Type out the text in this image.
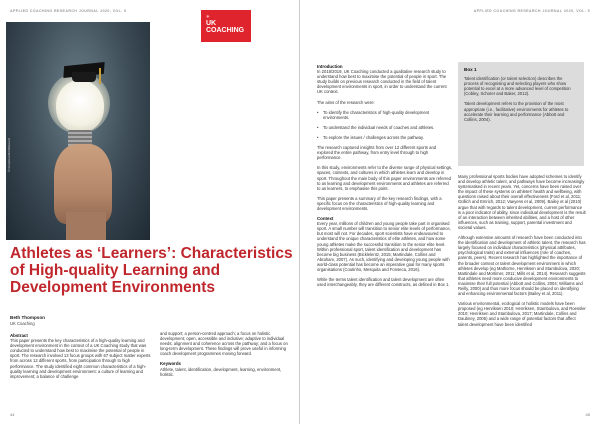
APPLIED COACHING RESEARCH JOURNAL 2020, VOL. 5
© iStockphoto/Mott/Wirestock
✳
UK
COACHING
Athletes as ‘Learners’: Characteristics of High-quality Learning and Development Environments
Beth Thompson
UK Coaching
Abstract

This paper presents the key characteristics of a high-quality learning and development environment in the context of a UK Coaching study that was conducted to understand how best to maximise the potential of people in sport. The research involved 13 focus groups with 67 subject matter experts from across 12 different sports, from participation through to high performance. The study identified eight common characteristics of a high-quality learning and development environment: a culture of learning and improvement; a balance of challenge

and support; a person-centred approach; a focus on holistic development; open, accessible and inclusive; adaptive to individual needs; alignment and coherence across the pathway; and a focus on long-term development. These findings will prove useful in informing coach development programmes moving forward.

Keywords

Athlete, talent, identification, development, learning, environment, holistic.

44
APPLIED COACHING RESEARCH JOURNAL 2020, VOL. 5
Introduction

In 2018/2019, UK Coaching conducted a qualitative research study to understand how best to maximise the potential of people in sport. The study builds on previous research conducted in the field of talent development environments in sport, in order to understand the current UK context.

The aims of the research were:

• To identify the characteristics of high-quality development environments.
• To understand the individual needs of coaches and athletes.
• To explore the issues / challenges across the pathway.

The research captured insights from over 12 different sports and explored the entire pathway, from entry level through to high performance.

In this study, environments refer to the diverse range of physical settings, spaces, contexts, and cultures in which athletes learn and develop in sport. Throughout the main body of this paper environments are referred to as learning and development environments and athletes are referred to as learners, to emphasise this point.

This paper presents a summary of the key research findings, with a specific focus on the characteristics of high-quality learning and development environments.

Context

Every year, millions of children and young people take part in organised sport. A small number will transition to senior elite levels of performance, but most will not. For decades, sport scientists have endeavoured to understand the unique characteristics of elite athletes, and how some young athletes make the successful transition to the senior elite level. Within professional sport, talent identification and development has become big business (Bicklelentz, 2015; Martindale, Collins and Abraham, 2007). As such, identifying and developing young people with world-class potential has become an imperative goal for many sports organisations (Coutinho, Mesquita and Fonseca, 2016).

While the terms talent identification and talent development are often used interchangeably, they are different constructs, as defined in Box 1.

Box 1

Talent identification (or talent selection) describes the process of recognising and selecting players who show potential to excel at a more advanced level of competition (Cobley, Schorer and Baker, 2012).

Talent development refers to the provision of the most appropriate (i.e., facilitative) environments for athletes to accelerate their learning and performance (Abbott and Collins, 2004).

Many professional sports bodies have adopted schemes to identify and develop athletic talent, and pathways have become increasingly systematised in recent years. Yet, concerns have been raised over the impact of these systems on athletes' health and wellbeing, with questions raised about their overall effectiveness (Ford et al, 2011; Güllich and Emrich, 2012; Vaeyens et al, 2009). Bailey et al (2010) argue that with regards to talent development, current performance is a poor indicator of ability, since individual development is the result of an interaction between inherited abilities, and a host of other influences, such as training, support, parental investment and societal values.

Although extensive amounts of research have been conducted into the identification and development of athletic talent, the research has largely focused on individual characteristics (physical attributes, psychological traits) and external influences (role of coaches, parents, peers). Recent research has highlighted the importance of the broader context or talent development environment in which athletes develop (eg Mathorne, Henriksen and Stambulova, 2020; Martindale and Mortimer, 2011; Mills et al, 2014). Research suggests that athletes need more conducive development environments to maximise their full potential (Abbott and Collins, 2004; Williams and Reilly, 2000) and thus more focus should be placed on identifying and enhancing environmental factors (Bailey et al, 2011).

Various environmental, ecological or holistic models have been proposed (eg Henriksen 2010; Henriksen, Stambulova, and Roessler 2010; Henriksen and Stambulova, 2017; Martindale, Collins and Daubney, 2005) and a wide range of potential factors that affect talent development have been identified

45
